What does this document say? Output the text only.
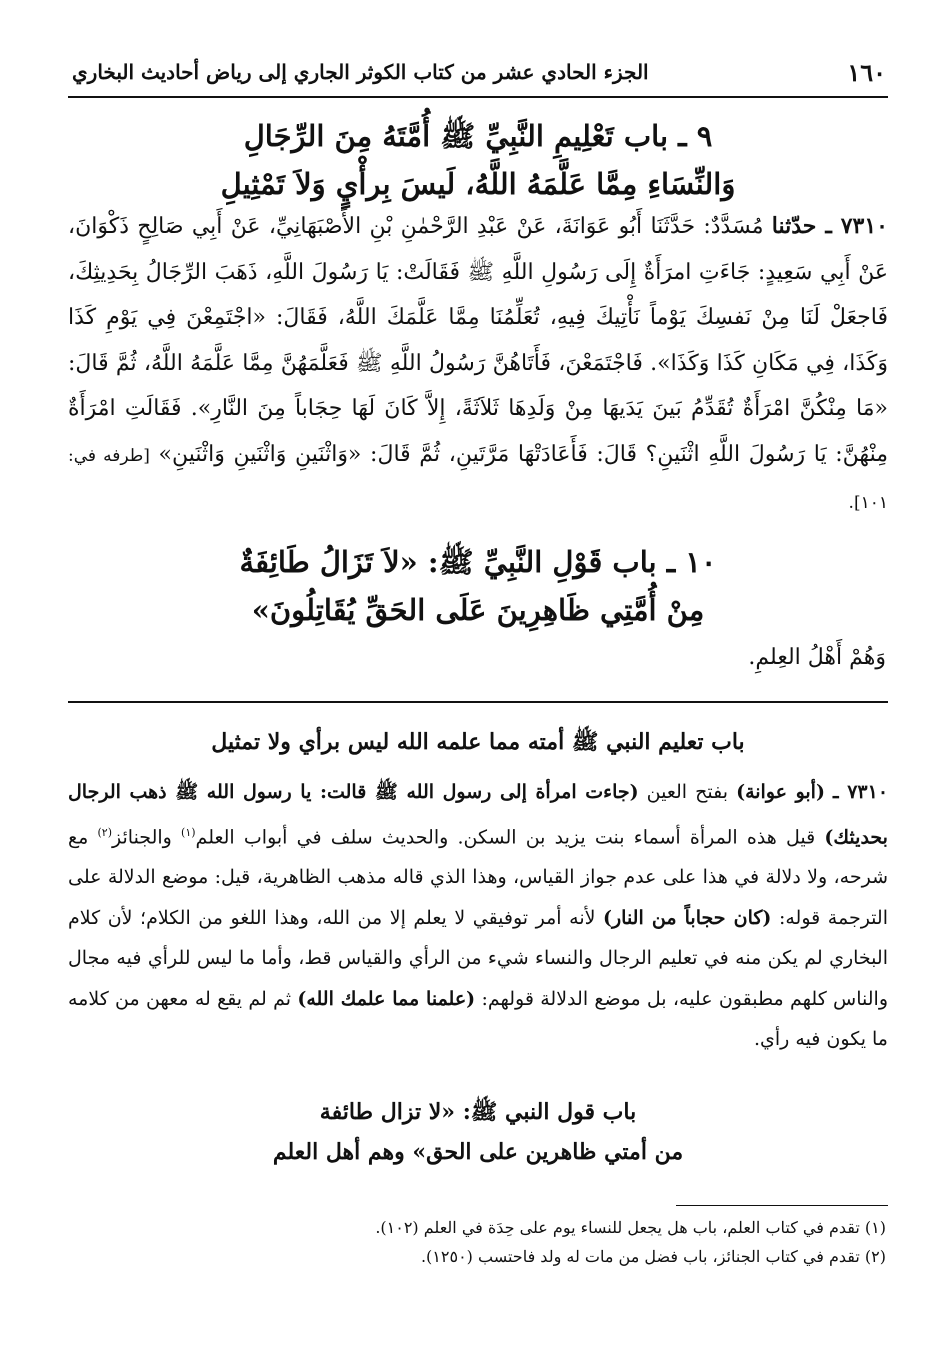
١٦٠
الجزء الحادي عشر من كتاب الكوثر الجاري إلى رياض أحاديث البخاري
٩ ـ باب تَعْلِيمِ النَّبِيِّ ﷺ أُمَّتَهُ مِنَ الرِّجَالِ
وَالنِّسَاءِ مِمَّا عَلَّمَهُ اللَّهُ، لَيسَ بِرأْيٍ وَلاَ تَمْثِيلِ
٧٣١٠ ـ حدّثنا مُسَدَّدٌ: حَدَّثَنَا أَبُو عَوَانَةَ، عَنْ عَبْدِ الرَّحْمٰنِ بْنِ الأَصْبَهَانِيِّ، عَنْ أَبِي صَالِحٍ ذَكْوَانَ، عَنْ أَبِي سَعِيدٍ: جَاءَتِ امرَأَةٌ إِلَى رَسُولِ اللَّهِ ﷺ فَقَالَتْ: يَا رَسُولَ اللَّهِ، ذَهَبَ الرِّجَالُ بِحَدِيثِكَ، فَاجعَلْ لَنَا مِنْ نَفسِكَ يَوْماً نَأْتِيكَ فِيهِ، تُعَلِّمُنَا مِمَّا عَلَّمَكَ اللَّهُ، فَقَالَ: «اجْتَمِعْنَ فِي يَوْمِ كَذَا وَكَذَا، فِي مَكَانِ كَذَا وَكَذَا». فَاجْتَمَعْنَ، فَأَتَاهُنَّ رَسُولُ اللَّهِ ﷺ فَعَلَّمَهُنَّ مِمَّا عَلَّمَهُ اللَّهُ، ثُمَّ قَالَ: «مَا مِنْكُنَّ امْرَأَةٌ تُقَدِّمُ بَينَ يَدَيهَا مِنْ وَلَدِهَا ثَلاَثَةً، إِلاَّ كَانَ لَهَا حِجَاباً مِنَ النَّارِ». فَقَالَتِ امْرَأَةٌ مِنْهُنَّ: يَا رَسُولَ اللَّهِ اثْنَينِ؟ قَالَ: فَأَعَادَتْهَا مَرَّتَينِ، ثُمَّ قَالَ: «وَاثْنَينِ وَاثْنَينِ وَاثْنَينِ» [طرفه في: ١٠١].
١٠ ـ باب قَوْلِ النَّبِيِّ ﷺ: «لاَ تَزَالُ طَائِفَةٌ
مِنْ أُمَّتِي ظَاهِرِينَ عَلَى الحَقِّ يُقَاتِلُونَ»
وَهُمْ أَهْلُ العِلمِ.
باب تعليم النبي ﷺ أمته مما علمه الله ليس برأي ولا تمثيل
٧٣١٠ ـ (أبو عوانة) بفتح العين (جاءت امرأة إلى رسول الله ﷺ قالت: يا رسول الله ﷺ ذهب الرجال بحديثك) قيل هذه المرأة أسماء بنت يزيد بن السكن. والحديث سلف في أبواب العلم$^{(١)}$ والجنائز$^{(٢)}$ مع شرحه، ولا دلالة في هذا على عدم جواز القياس، وهذا الذي قاله مذهب الظاهرية، قيل: موضع الدلالة على الترجمة قوله: (كان حجاباً من النار) لأنه أمر توفيقي لا يعلم إلا من الله، وهذا اللغو من الكلام؛ لأن كلام البخاري لم يكن منه في تعليم الرجال والنساء شيء من الرأي والقياس قط، وأما ما ليس للرأي فيه مجال والناس كلهم مطبقون عليه، بل موضع الدلالة قولهم: (علمنا مما علمك الله) ثم لم يقع له معهن من كلامه ما يكون فيه رأي.
باب قول النبي ﷺ: «لا تزال طائفة
من أمتي ظاهرين على الحق» وهم أهل العلم
(١) تقدم في كتاب العلم، باب هل يجعل للنساء يوم على حِدَة في العلم (١٠٢).
(٢) تقدم في كتاب الجنائز، باب فضل من مات له ولد فاحتسب (١٢٥٠).
